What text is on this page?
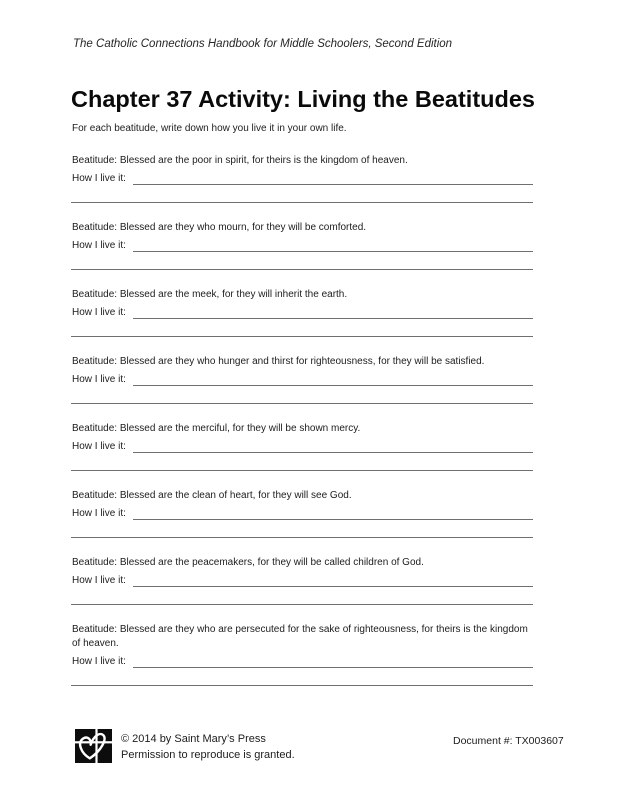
The Catholic Connections Handbook for Middle Schoolers, Second Edition
Chapter 37 Activity: Living the Beatitudes
For each beatitude, write down how you live it in your own life.
Beatitude: Blessed are the poor in spirit, for theirs is the kingdom of heaven.
How I live it:
Beatitude: Blessed are they who mourn, for they will be comforted.
How I live it:
Beatitude: Blessed are the meek, for they will inherit the earth.
How I live it:
Beatitude: Blessed are they who hunger and thirst for righteousness, for they will be satisfied.
How I live it:
Beatitude: Blessed are the merciful, for they will be shown mercy.
How I live it:
Beatitude: Blessed are the clean of heart, for they will see God.
How I live it:
Beatitude: Blessed are the peacemakers, for they will be called children of God.
How I live it:
Beatitude: Blessed are they who are persecuted for the sake of righteousness, for theirs is the kingdom of heaven.
How I live it:
© 2014 by Saint Mary’s Press
Permission to reproduce is granted.
Document #: TX003607
